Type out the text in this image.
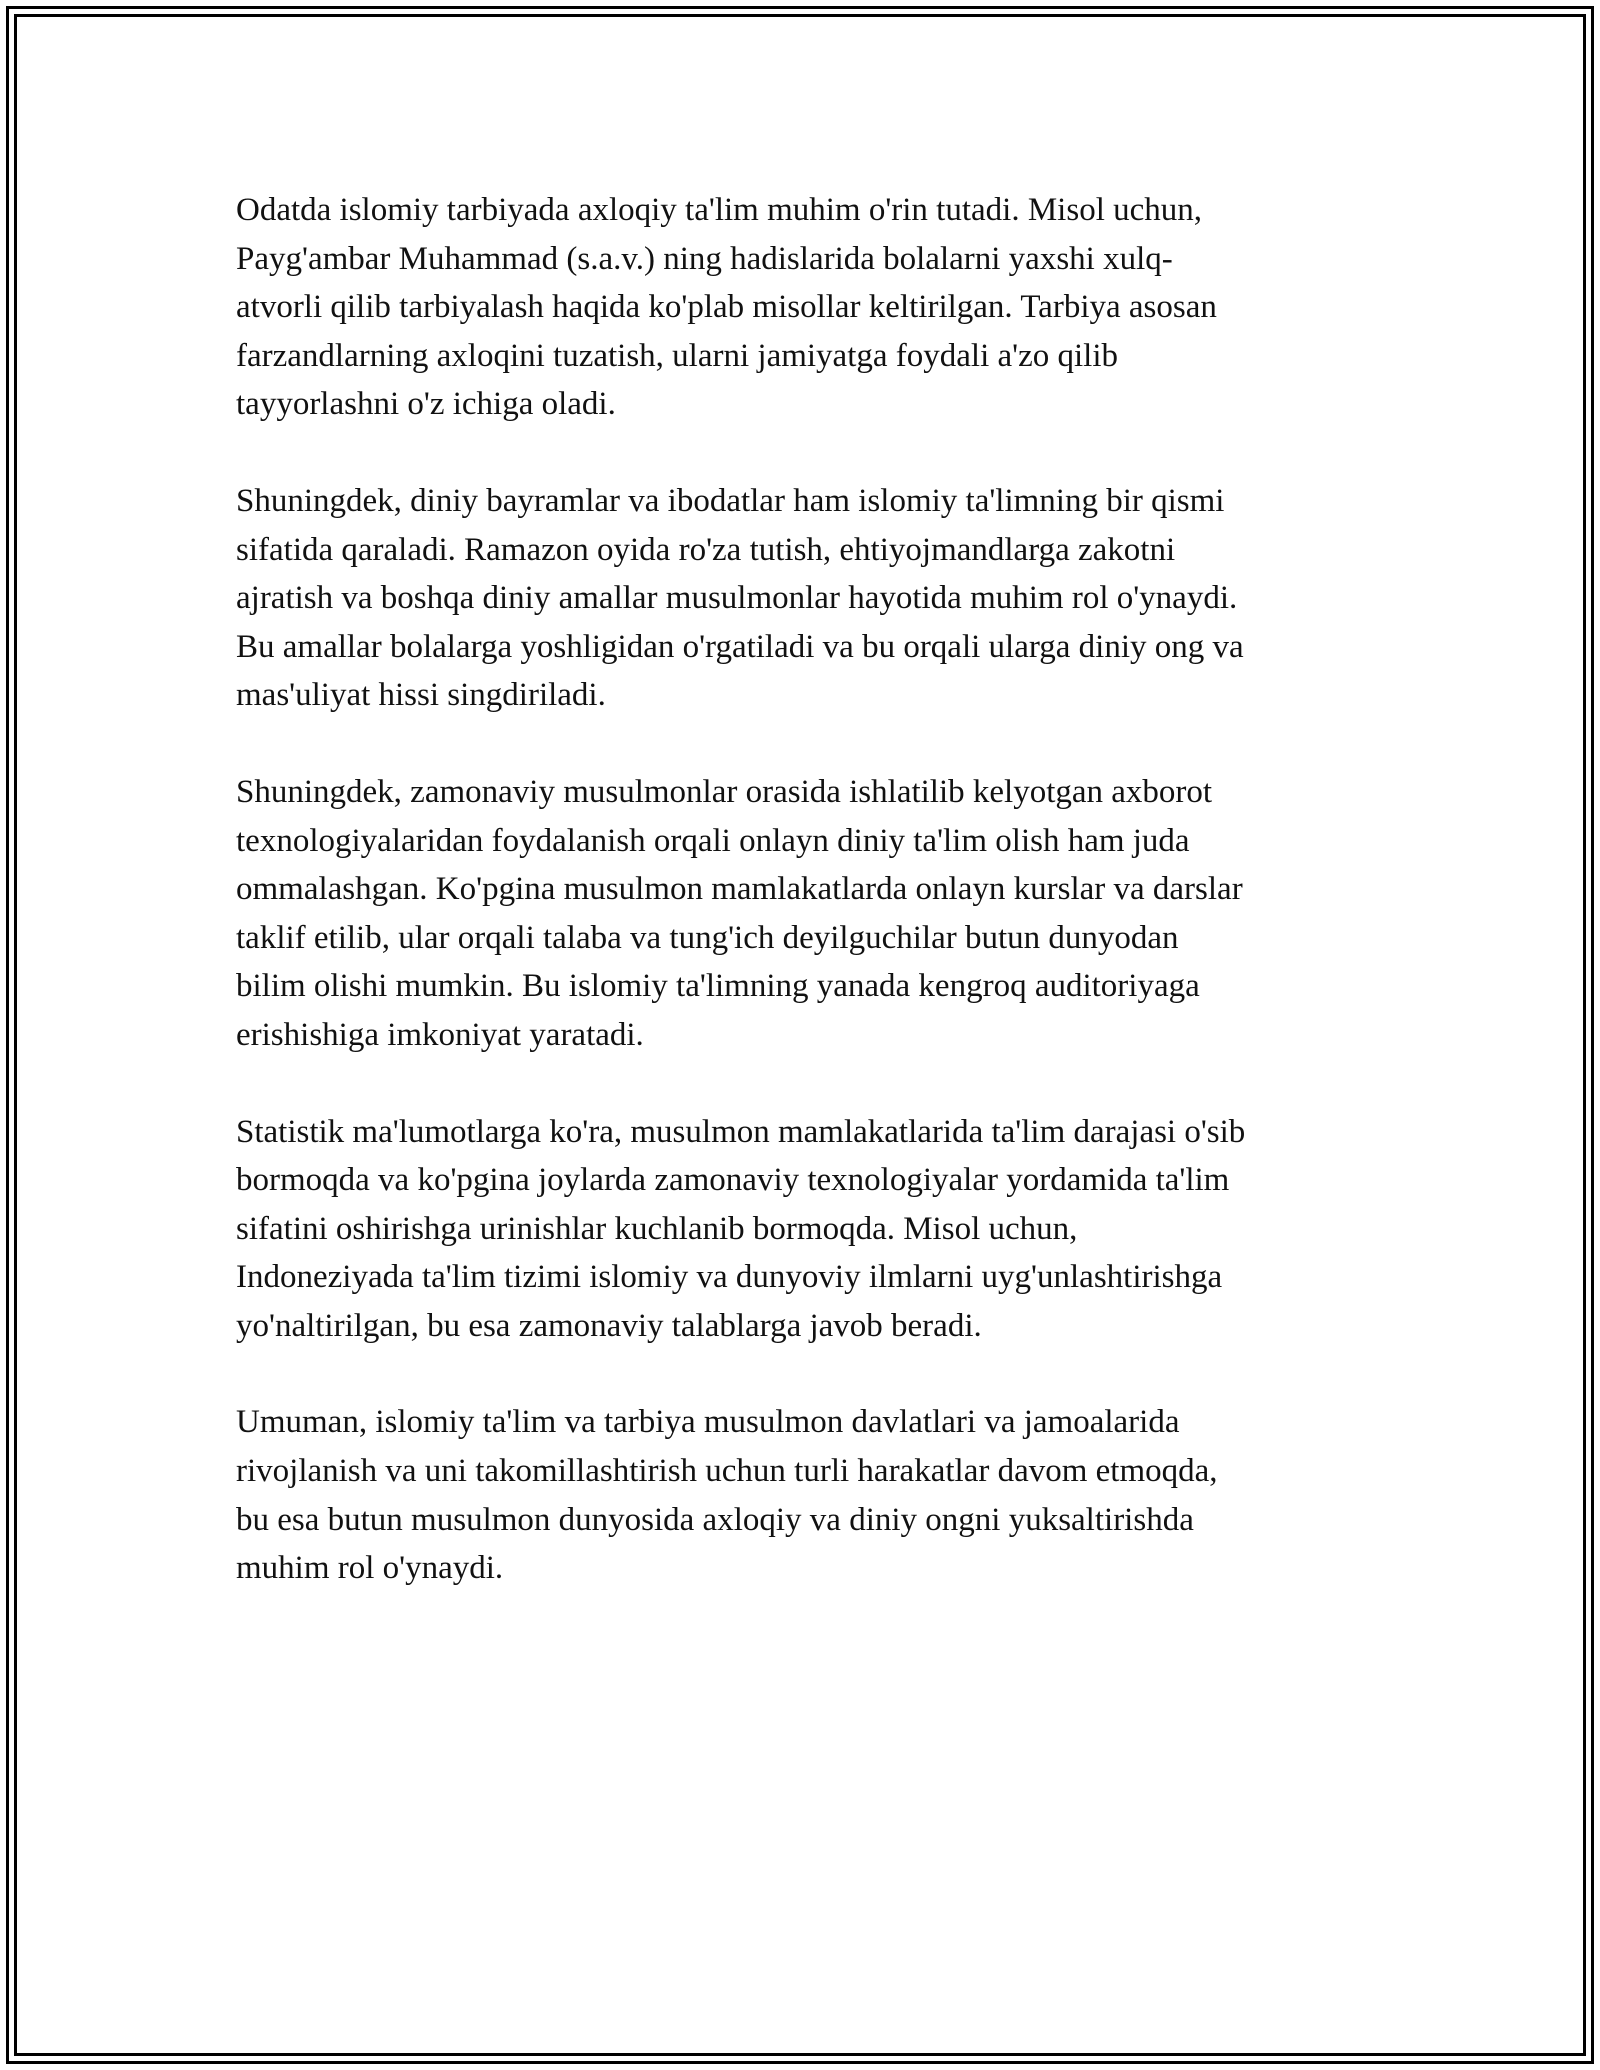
Odatda islomiy tarbiyada axloqiy ta'lim muhim o'rin tutadi. Misol uchun,
Payg'ambar Muhammad (s.a.v.) ning hadislarida bolalarni yaxshi xulq-
atvorli qilib tarbiyalash haqida ko'plab misollar keltirilgan. Tarbiya asosan
farzandlarning axloqini tuzatish, ularni jamiyatga foydali a'zo qilib
tayyorlashni o'z ichiga oladi.

Shuningdek, diniy bayramlar va ibodatlar ham islomiy ta'limning bir qismi
sifatida qaraladi. Ramazon oyida ro'za tutish, ehtiyojmandlarga zakotni
ajratish va boshqa diniy amallar musulmonlar hayotida muhim rol o'ynaydi.
Bu amallar bolalarga yoshligidan o'rgatiladi va bu orqali ularga diniy ong va
mas'uliyat hissi singdiriladi.

Shuningdek, zamonaviy musulmonlar orasida ishlatilib kelyotgan axborot
texnologiyalaridan foydalanish orqali onlayn diniy ta'lim olish ham juda
ommalashgan. Ko'pgina musulmon mamlakatlarda onlayn kurslar va darslar
taklif etilib, ular orqali talaba va tung'ich deyilguchilar butun dunyodan
bilim olishi mumkin. Bu islomiy ta'limning yanada kengroq auditoriyaga
erishishiga imkoniyat yaratadi.

Statistik ma'lumotlarga ko'ra, musulmon mamlakatlarida ta'lim darajasi o'sib
bormoqda va ko'pgina joylarda zamonaviy texnologiyalar yordamida ta'lim
sifatini oshirishga urinishlar kuchlanib bormoqda. Misol uchun,
Indoneziyada ta'lim tizimi islomiy va dunyoviy ilmlarni uyg'unlashtirishga
yo'naltirilgan, bu esa zamonaviy talablarga javob beradi.

Umuman, islomiy ta'lim va tarbiya musulmon davlatlari va jamoalarida
rivojlanish va uni takomillashtirish uchun turli harakatlar davom etmoqda,
bu esa butun musulmon dunyosida axloqiy va diniy ongni yuksaltirishda
muhim rol o'ynaydi.
